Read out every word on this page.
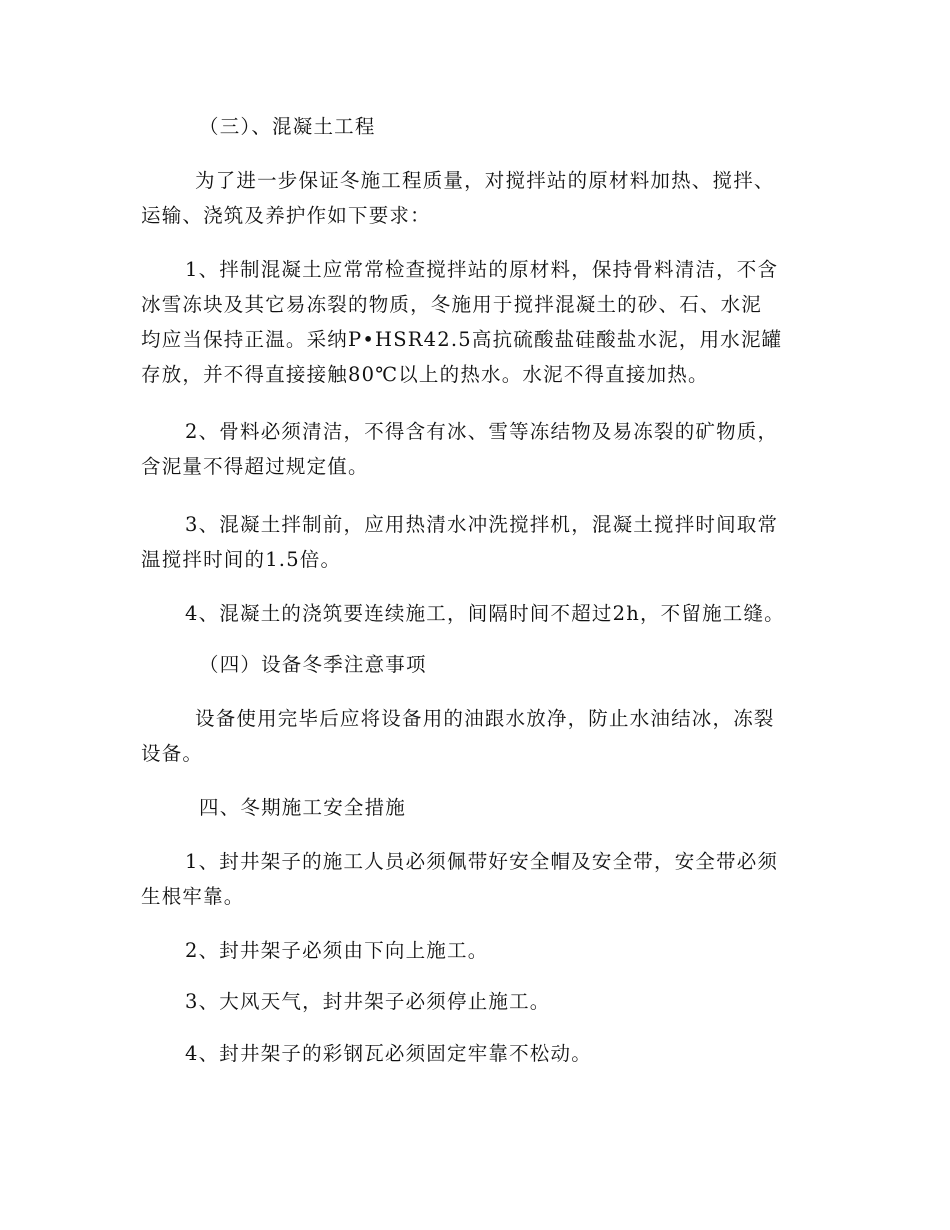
（三）、混凝土工程
为了进一步保证冬施工程质量，对搅拌站的原材料加热、搅拌、
运输、浇筑及养护作如下要求：
1、拌制混凝土应常常检查搅拌站的原材料，保持骨料清洁，不含
冰雪冻块及其它易冻裂的物质，冬施用于搅拌混凝土的砂、石、水泥
均应当保持正温。采纳P•HSR42.5高抗硫酸盐硅酸盐水泥，用水泥罐
存放，并不得直接接触80℃以上的热水。水泥不得直接加热。
2、骨料必须清洁，不得含有冰、雪等冻结物及易冻裂的矿物质，
含泥量不得超过规定值。
3、混凝土拌制前，应用热清水冲洗搅拌机，混凝土搅拌时间取常
温搅拌时间的1.5倍。
4、混凝土的浇筑要连续施工，间隔时间不超过2h，不留施工缝。
（四）设备冬季注意事项
设备使用完毕后应将设备用的油跟水放净，防止水油结冰，冻裂
设备。
四、冬期施工安全措施
1、封井架子的施工人员必须佩带好安全帽及安全带，安全带必须
生根牢靠。
2、封井架子必须由下向上施工。
3、大风天气，封井架子必须停止施工。
4、封井架子的彩钢瓦必须固定牢靠不松动。
